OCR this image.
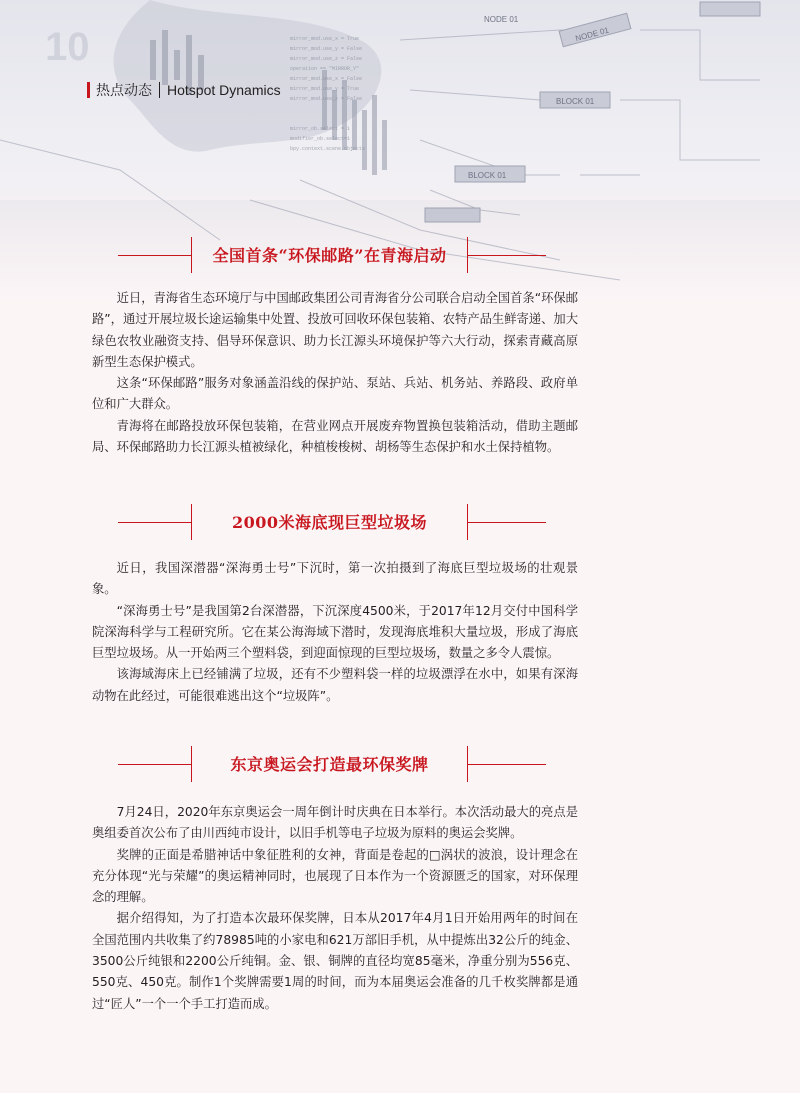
NODE 01
NODE 01
BLOCK 01
BLOCK 01
mirror_mod.use_x = True
mirror_mod.use_y = False
mirror_mod.use_z = False
operation == "MIRROR_Y"
mirror_mod.use_x = False
mirror_mod.use_y = True
mirror_mod.use_z = False
mirror_ob.select = 1
modifier_ob.select=1
bpy.context.scene.objects
10
热点动态 Hotspot Dynamics
全国首条“环保邮路”在青海启动

近日，青海省生态环境厅与中国邮政集团公司青海省分公司联合启动全国首条“环保邮路”，通过开展垃圾长途运输集中处置、投放可回收环保包装箱、农特产品生鲜寄递、加大绿色农牧业融资支持、倡导环保意识、助力长江源头环境保护等六大行动，探索青藏高原新型生态保护模式。

这条“环保邮路”服务对象涵盖沿线的保护站、泵站、兵站、机务站、养路段、政府单位和广大群众。

青海将在邮路投放环保包装箱，在营业网点开展废弃物置换包装箱活动，借助主题邮局、环保邮路助力长江源头植被绿化，种植梭梭树、胡杨等生态保护和水土保持植物。

2000米海底现巨型垃圾场

近日，我国深潜器“深海勇士号”下沉时，第一次拍摄到了海底巨型垃圾场的壮观景象。

“深海勇士号”是我国第2台深潜器，下沉深度4500米，于2017年12月交付中国科学院深海科学与工程研究所。它在某公海海域下潜时，发现海底堆积大量垃圾，形成了海底巨型垃圾场。从一开始两三个塑料袋，到迎面惊现的巨型垃圾场，数量之多令人震惊。

该海域海床上已经铺满了垃圾，还有不少塑料袋一样的垃圾漂浮在水中，如果有深海动物在此经过，可能很难逃出这个“垃圾阵”。

东京奥运会打造最环保奖牌

7月24日，2020年东京奥运会一周年倒计时庆典在日本举行。本次活动最大的亮点是奥组委首次公布了由川西纯市设计，以旧手机等电子垃圾为原料的奥运会奖牌。

奖牌的正面是希腊神话中象征胜利的女神，背面是卷起的□涡状的波浪，设计理念在充分体现“光与荣耀”的奥运精神同时，也展现了日本作为一个资源匮乏的国家，对环保理念的理解。

据介绍得知，为了打造本次最环保奖牌，日本从2017年4月1日开始用两年的时间在全国范围内共收集了约78985吨的小家电和621万部旧手机，从中提炼出32公斤的纯金、3500公斤纯银和2200公斤纯铜。金、银、铜牌的直径均宽85毫米，净重分别为556克、550克、450克。制作1个奖牌需要1周的时间，而为本届奥运会准备的几千枚奖牌都是通过“匠人”一个一个手工打造而成。
